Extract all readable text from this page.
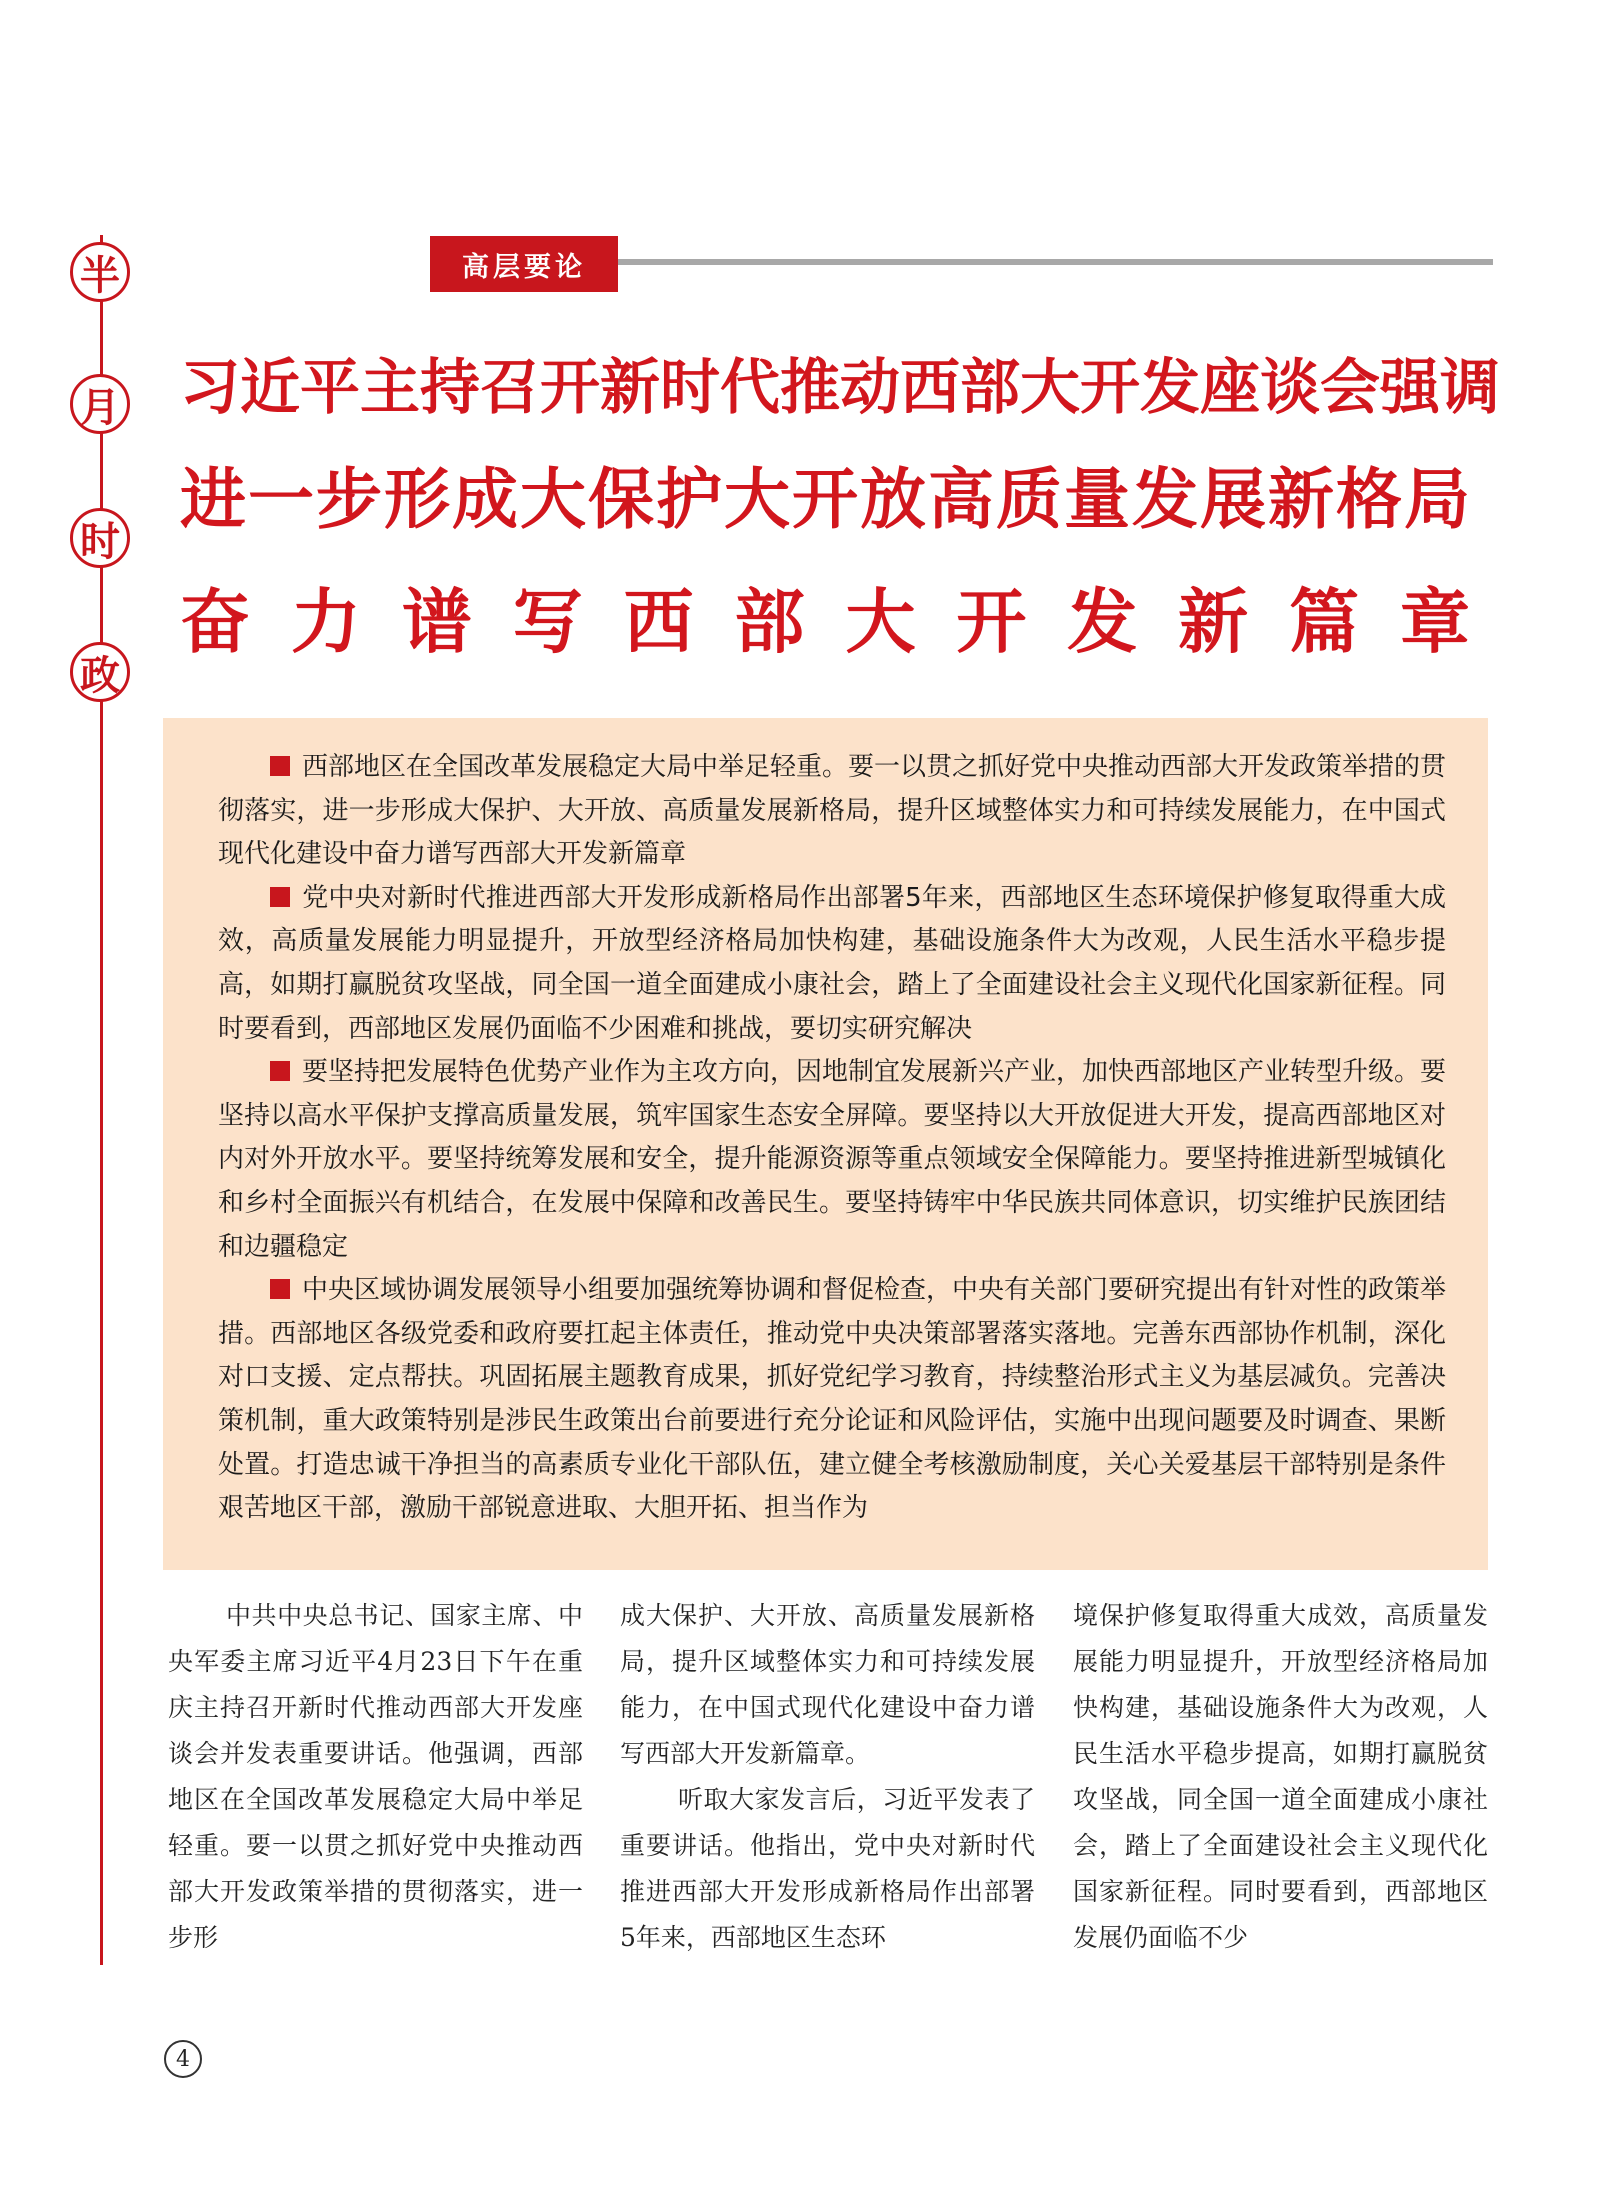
半
月
时
政
高层要论
习近平主持召开新时代推动西部大开发座谈会强调
进一步形成大保护大开放高质量发展新格局
奋力谱写西部大开发新篇章

西部地区在全国改革发展稳定大局中举足轻重。要一以贯之抓好党中央推动西部大开发政策举措的贯彻落实，进一步形成大保护、大开放、高质量发展新格局，提升区域整体实力和可持续发展能力，在中国式现代化建设中奋力谱写西部大开发新篇章

党中央对新时代推进西部大开发形成新格局作出部署5年来，西部地区生态环境保护修复取得重大成效，高质量发展能力明显提升，开放型经济格局加快构建，基础设施条件大为改观，人民生活水平稳步提高，如期打赢脱贫攻坚战，同全国一道全面建成小康社会，踏上了全面建设社会主义现代化国家新征程。同时要看到，西部地区发展仍面临不少困难和挑战，要切实研究解决

要坚持把发展特色优势产业作为主攻方向，因地制宜发展新兴产业，加快西部地区产业转型升级。要坚持以高水平保护支撑高质量发展，筑牢国家生态安全屏障。要坚持以大开放促进大开发，提高西部地区对内对外开放水平。要坚持统筹发展和安全，提升能源资源等重点领域安全保障能力。要坚持推进新型城镇化和乡村全面振兴有机结合，在发展中保障和改善民生。要坚持铸牢中华民族共同体意识，切实维护民族团结和边疆稳定

中央区域协调发展领导小组要加强统筹协调和督促检查，中央有关部门要研究提出有针对性的政策举措。西部地区各级党委和政府要扛起主体责任，推动党中央决策部署落实落地。完善东西部协作机制，深化对口支援、定点帮扶。巩固拓展主题教育成果，抓好党纪学习教育，持续整治形式主义为基层减负。完善决策机制，重大政策特别是涉民生政策出台前要进行充分论证和风险评估，实施中出现问题要及时调查、果断处置。打造忠诚干净担当的高素质专业化干部队伍，建立健全考核激励制度，关心关爱基层干部特别是条件艰苦地区干部，激励干部锐意进取、大胆开拓、担当作为

中共中央总书记、国家主席、中央军委主席习近平4月23日下午在重庆主持召开新时代推动西部大开发座谈会并发表重要讲话。他强调，西部地区在全国改革发展稳定大局中举足轻重。要一以贯之抓好党中央推动西部大开发政策举措的贯彻落实，进一步形

成大保护、大开放、高质量发展新格局，提升区域整体实力和可持续发展能力，在中国式现代化建设中奋力谱写西部大开发新篇章。

听取大家发言后，习近平发表了重要讲话。他指出，党中央对新时代推进西部大开发形成新格局作出部署5年来，西部地区生态环

境保护修复取得重大成效，高质量发展能力明显提升，开放型经济格局加快构建，基础设施条件大为改观，人民生活水平稳步提高，如期打赢脱贫攻坚战，同全国一道全面建成小康社会，踏上了全面建设社会主义现代化国家新征程。同时要看到，西部地区发展仍面临不少

4
